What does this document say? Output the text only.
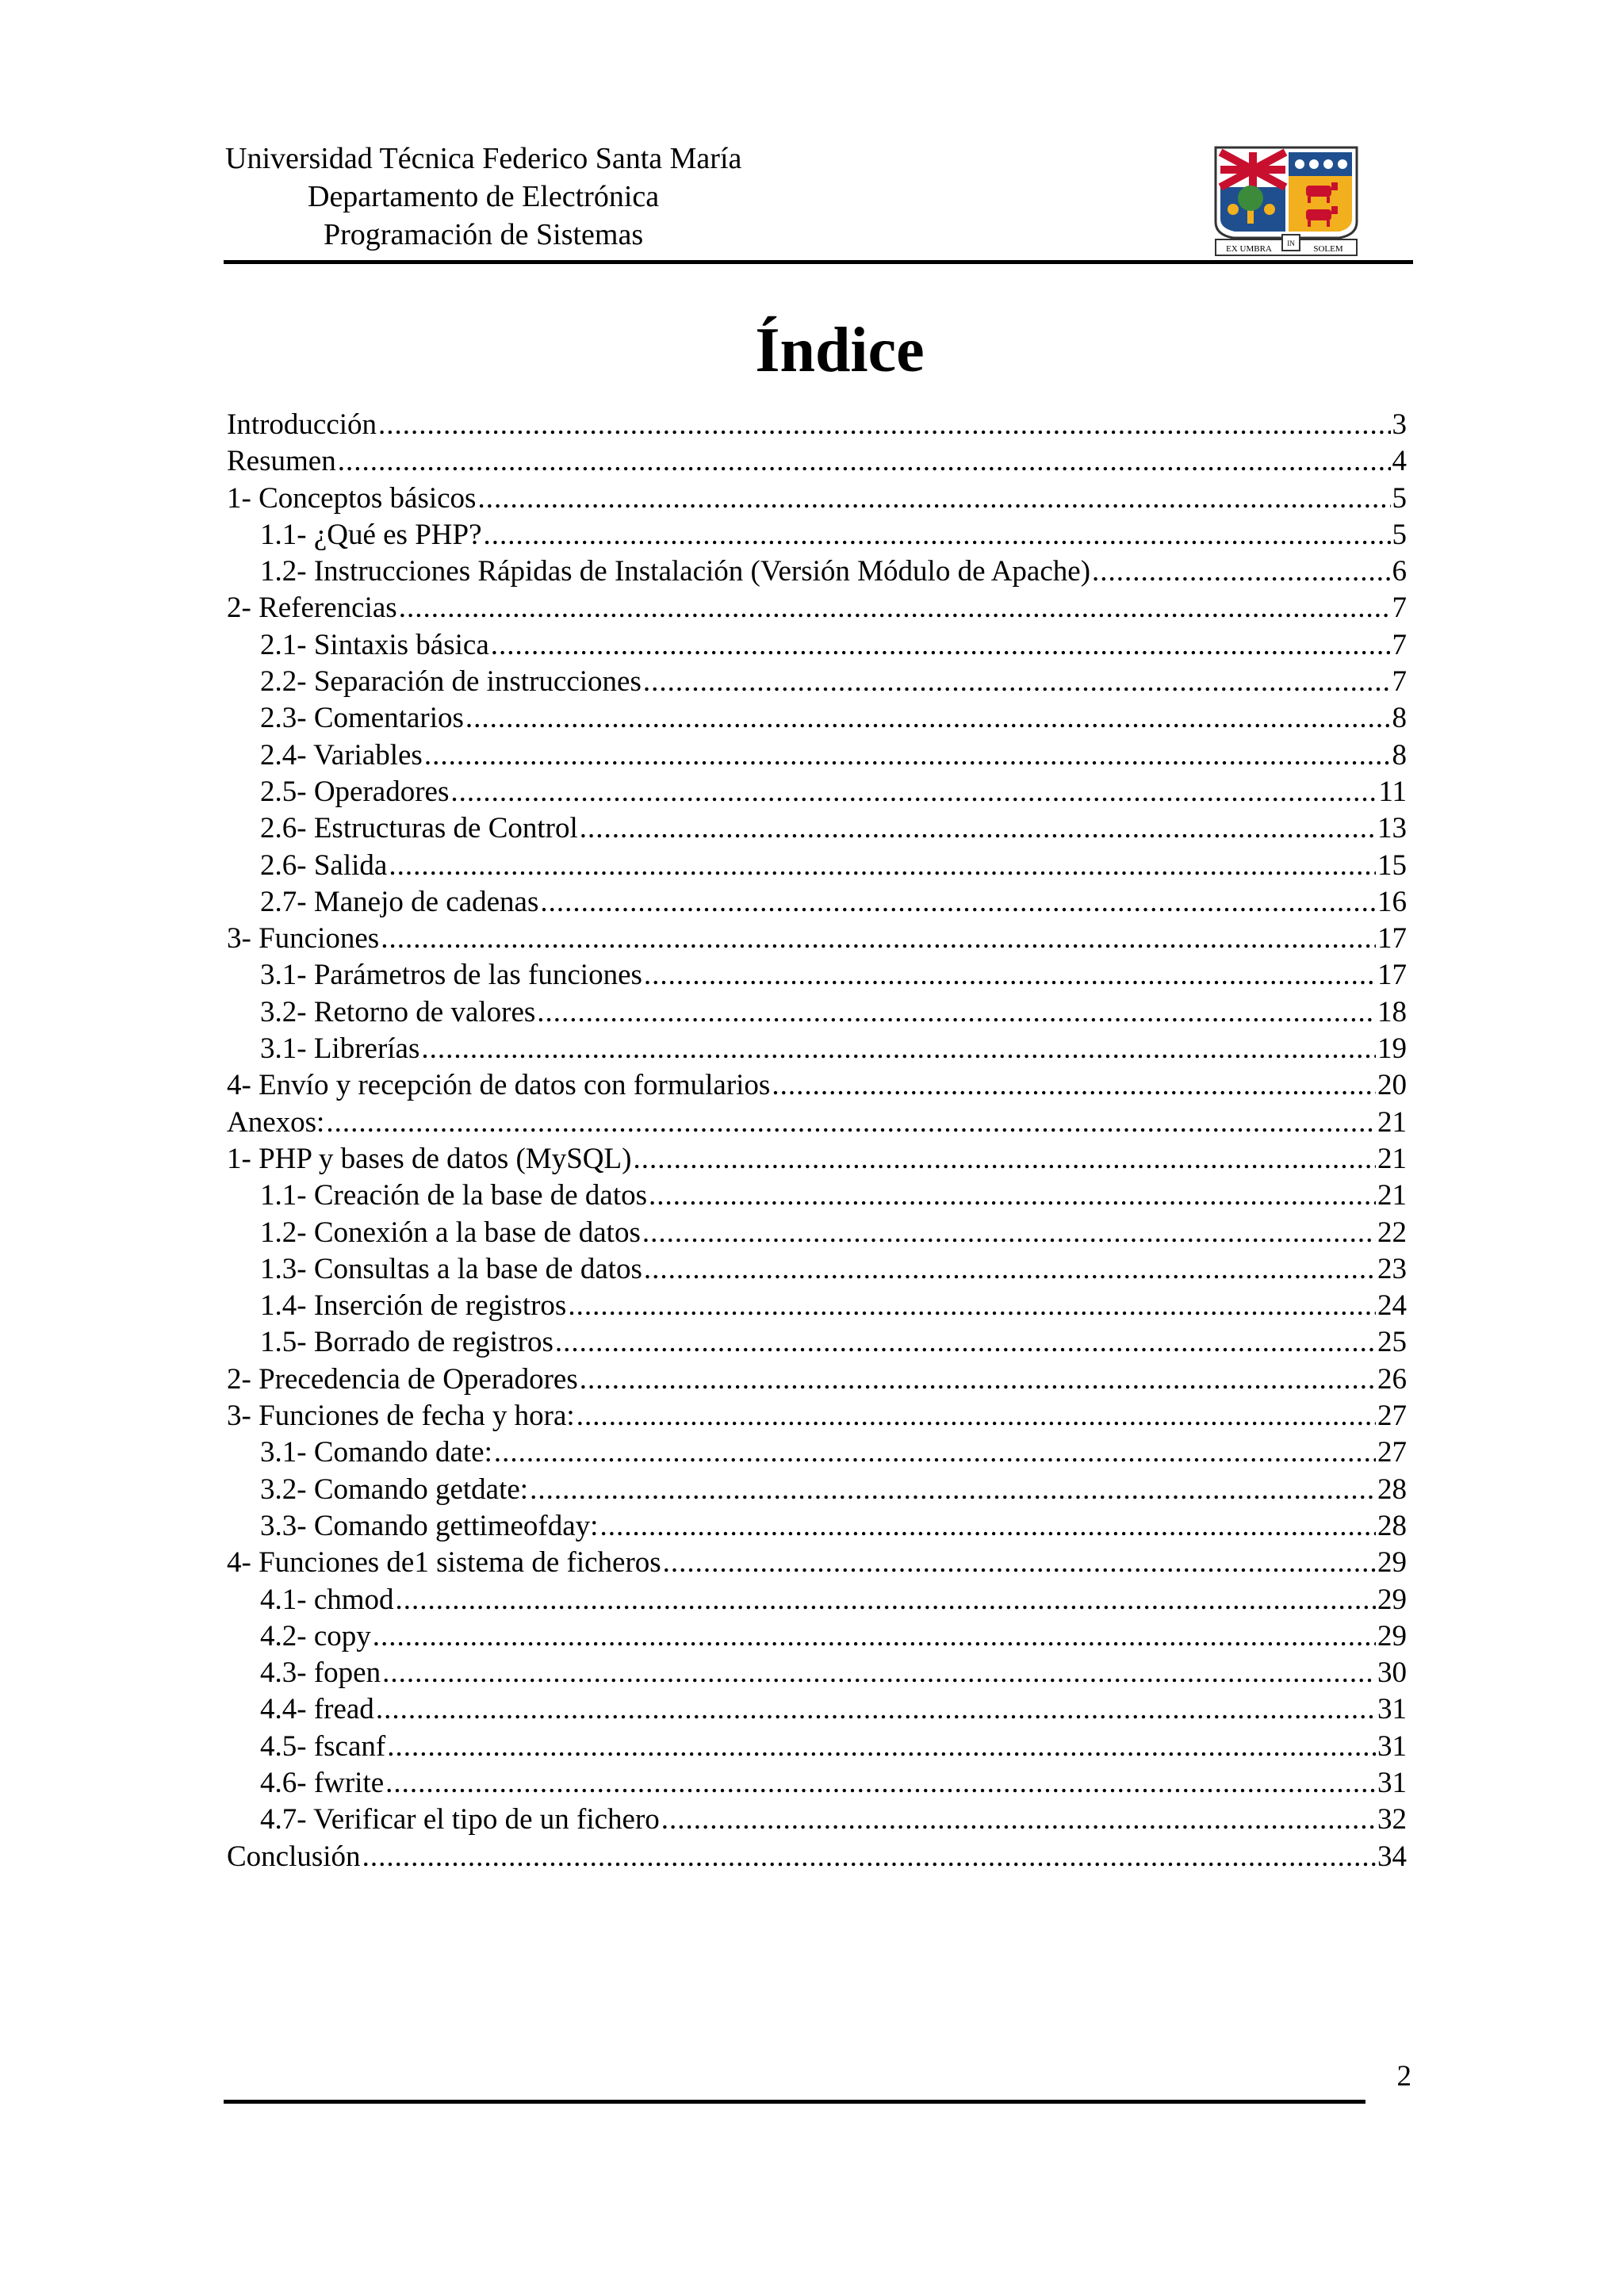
Universidad Técnica Federico Santa María
Departamento de Electrónica
Programación de Sistemas	EX UMBRA
IN
SOLEM
Índice
Introducción .....	3
Resumen .....	4
1- Conceptos básicos .....	5
1.1- ¿Qué es PHP? .....	5
1.2- Instrucciones Rápidas de Instalación (Versión Módulo de Apache) .....	6
2- Referencias .....	7
2.1- Sintaxis básica .....	7
2.2- Separación de instrucciones .....	7
2.3- Comentarios .....	8
2.4- Variables .....	8
2.5- Operadores .....	11
2.6- Estructuras de Control .....	13
2.6- Salida .....	15
2.7- Manejo de cadenas .....	16
3- Funciones .....	17
3.1- Parámetros de las funciones .....	17
3.2- Retorno de valores .....	18
3.1- Librerías .....	19
4- Envío y recepción de datos con formularios .....	20
Anexos: .....	21
1- PHP y bases de datos (MySQL) .....	21
1.1- Creación de la base de datos .....	21
1.2- Conexión a la base de datos .....	22
1.3- Consultas a la base de datos .....	23
1.4- Inserción de registros .....	24
1.5- Borrado de registros .....	25
2- Precedencia de Operadores .....	26
3- Funciones de fecha y hora: .....	27
3.1- Comando date: .....	27
3.2- Comando getdate: .....	28
3.3- Comando gettimeofday: .....	28
4- Funciones de1 sistema de ficheros .....	29
4.1- chmod .....	29
4.2- copy .....	29
4.3- fopen .....	30
4.4- fread .....	31
4.5- fscanf .....	31
4.6- fwrite .....	31
4.7- Verificar el tipo de un fichero .....	32
Conclusión .....	34
2
